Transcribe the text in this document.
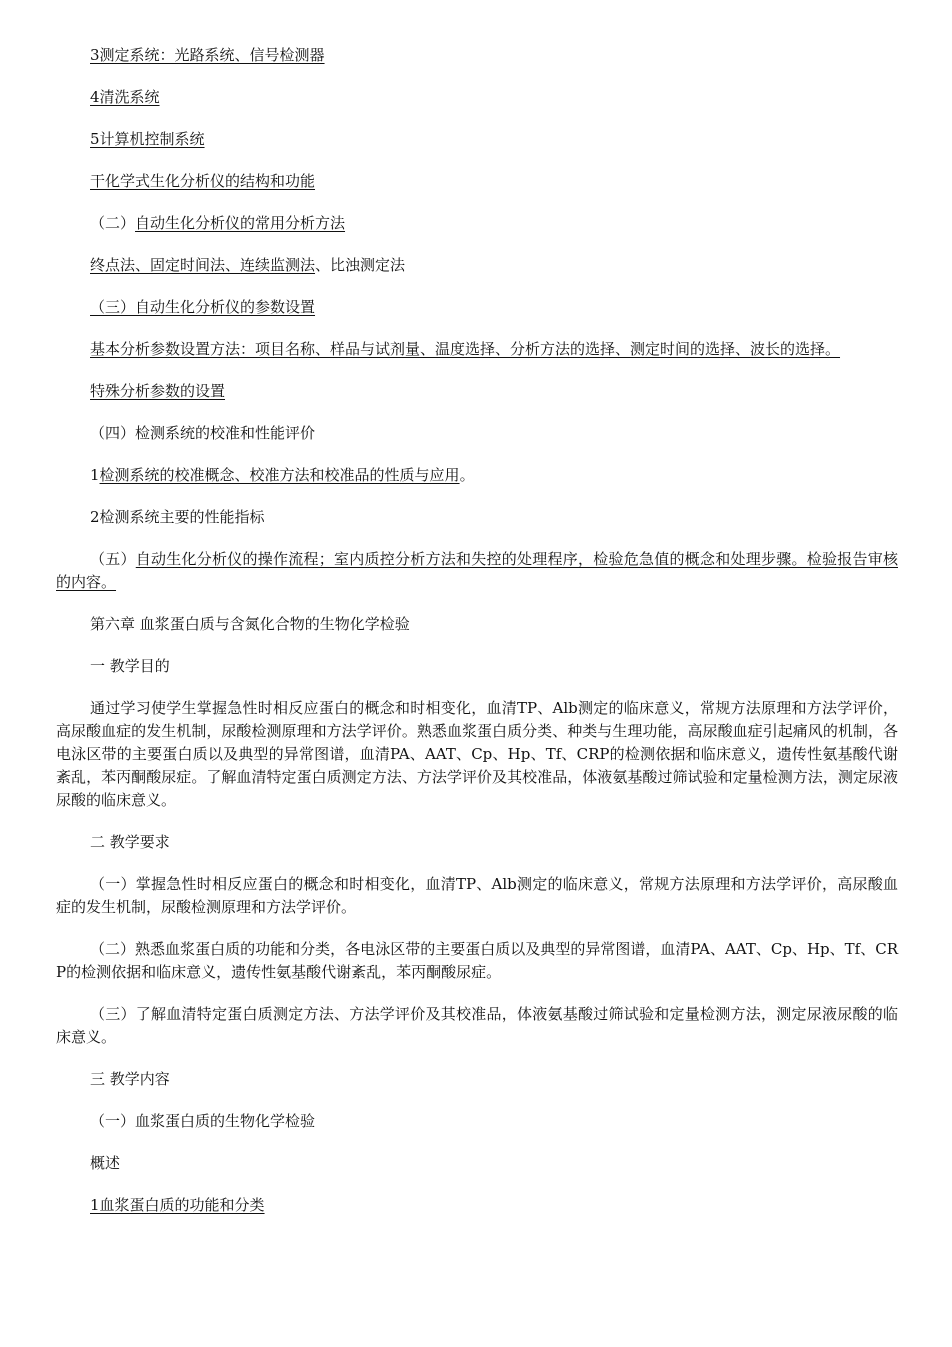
3测定系统：光路系统、信号检测器

4清洗系统

5计算机控制系统

干化学式生化分析仪的结构和功能

（二）自动生化分析仪的常用分析方法

终点法、固定时间法、连续监测法、比浊测定法

（三）自动生化分析仪的参数设置

基本分析参数设置方法：项目名称、样品与试剂量、温度选择、分析方法的选择、测定时间的选择、波长的选择。

特殊分析参数的设置

（四）检测系统的校准和性能评价

1检测系统的校准概念、校准方法和校准品的性质与应用。

2检测系统主要的性能指标

（五）自动生化分析仪的操作流程；室内质控分析方法和失控的处理程序，检验危急值的概念和处理步骤。检验报告审核的内容。

第六章 血浆蛋白质与含氮化合物的生物化学检验

一 教学目的

通过学习使学生掌握急性时相反应蛋白的概念和时相变化，血清TP、Alb测定的临床意义，常规方法原理和方法学评价，高尿酸血症的发生机制，尿酸检测原理和方法学评价。熟悉血浆蛋白质分类、种类与生理功能，高尿酸血症引起痛风的机制，各电泳区带的主要蛋白质以及典型的异常图谱，血清PA、AAT、Cp、Hp、Tf、CRP的检测依据和临床意义，遗传性氨基酸代谢紊乱，苯丙酮酸尿症。了解血清特定蛋白质测定方法、方法学评价及其校准品，体液氨基酸过筛试验和定量检测方法，测定尿液尿酸的临床意义。

二 教学要求

（一）掌握急性时相反应蛋白的概念和时相变化，血清TP、Alb测定的临床意义，常规方法原理和方法学评价，高尿酸血症的发生机制，尿酸检测原理和方法学评价。

（二）熟悉血浆蛋白质的功能和分类，各电泳区带的主要蛋白质以及典型的异常图谱，血清PA、AAT、Cp、Hp、Tf、CRP的检测依据和临床意义，遗传性氨基酸代谢紊乱，苯丙酮酸尿症。

（三）了解血清特定蛋白质测定方法、方法学评价及其校准品，体液氨基酸过筛试验和定量检测方法，测定尿液尿酸的临床意义。

三 教学内容

（一）血浆蛋白质的生物化学检验

概述

1血浆蛋白质的功能和分类
